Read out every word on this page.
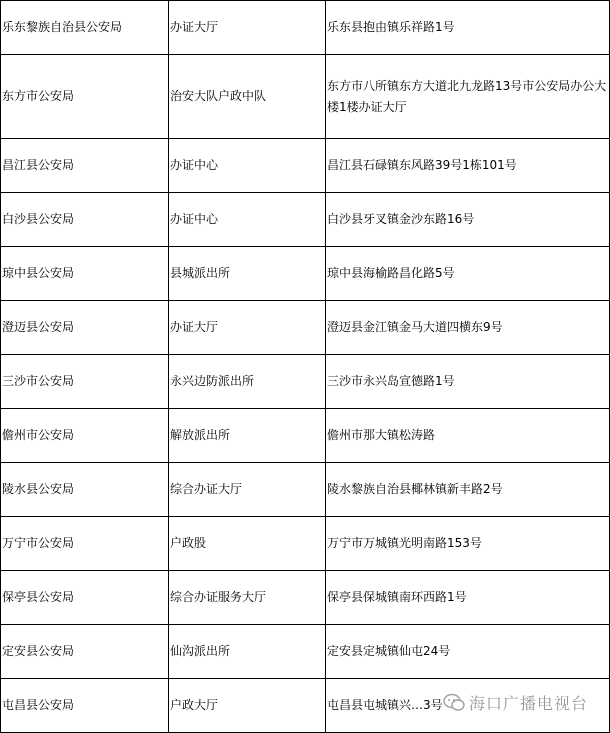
乐东黎族自治县公安局	办证大厅	乐东县抱由镇乐祥路1号
东方市公安局	治安大队户政中队	东方市八所镇东方大道北九龙路13号市公安局办公大楼1楼办证大厅
昌江县公安局	办证中心	昌江县石碌镇东风路39号1栋101号
白沙县公安局	办证中心	白沙县牙叉镇金沙东路16号
琼中县公安局	县城派出所	琼中县海榆路昌化路5号
澄迈县公安局	办证大厅	澄迈县金江镇金马大道四横东9号
三沙市公安局	永兴边防派出所	三沙市永兴岛宣德路1号
儋州市公安局	解放派出所	儋州市那大镇松涛路
陵水县公安局	综合办证大厅	陵水黎族自治县椰林镇新丰路2号
万宁市公安局	户政股	万宁市万城镇光明南路153号
保亭县公安局	综合办证服务大厅	保亭县保城镇南环西路1号
定安县公安局	仙沟派出所	定安县定城镇仙屯24号
屯昌县公安局	户政大厅	屯昌县屯城镇兴…3号 海口广播电视台
